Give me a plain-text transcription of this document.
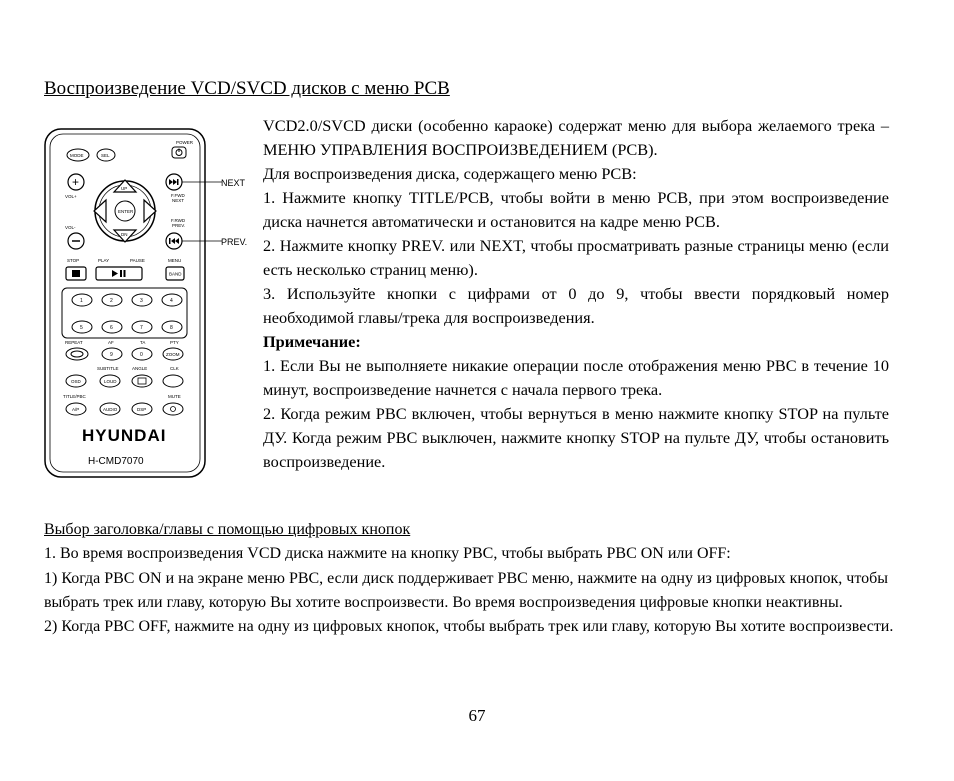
Воспроизведение VCD/SVCD дисков с меню PCB
POWER
MODE	SEL
+
VOL+
VOL-
F.FWD
NEXT
F.RWD
PREV.
UP
DN
ENTER
NEXT
PREV.
STOP	PLAY	PAUSE	MENU
BAND
1	2	3	4
5	6	7	8
REPEAT	AF	TA	PTY
9	0	ZOOM
SUBTITLE	ANGLE	CLK
OSD	LOUD
TITLE/PBC	MUTE
A/P	AUDIO	DSP
HYUNDAI
H-CMD7070

VCD2.0/SVCD диски (особенно караоке) содержат меню для выбора желаемого трека – МЕНЮ УПРАВЛЕНИЯ ВОСПРОИЗВЕДЕНИЕМ (PCB).

Для воспроизведения диска, содержащего меню PCB:

1. Нажмите кнопку TITLE/PCB, чтобы войти в меню PCB, при этом воспроизведение диска начнется автоматически и остановится на кадре меню PCB.

2. Нажмите кнопку PREV. или NEXT, чтобы просматривать разные страницы меню (если есть несколько страниц меню).

3. Используйте кнопки с цифрами от 0 до 9, чтобы ввести порядковый номер необходимой главы/трека для воспроизведения.

Примечание:

1. Если Вы не выполняете никакие операции после отображения меню PBC в течение 10 минут, воспроизведение начнется с начала первого трека.

2. Когда режим PBC включен, чтобы вернуться в меню нажмите кнопку STOP на пульте ДУ. Когда режим PBC выключен, нажмите кнопку STOP на пульте ДУ, чтобы остановить воспроизведение.

Выбор заголовка/главы с помощью цифровых кнопок

1. Во время воспроизведения VCD диска нажмите на кнопку PBC, чтобы выбрать PBC ON или OFF:

1) Когда PBC ON и на экране меню PBC, если диск поддерживает PBC меню, нажмите на одну из цифровых кнопок, чтобы выбрать трек или главу, которую Вы хотите воспроизвести. Во время воспроизведения цифровые кнопки неактивны.

2) Когда PBC OFF, нажмите на одну из цифровых кнопок, чтобы выбрать трек или главу, которую Вы хотите воспроизвести.

67
